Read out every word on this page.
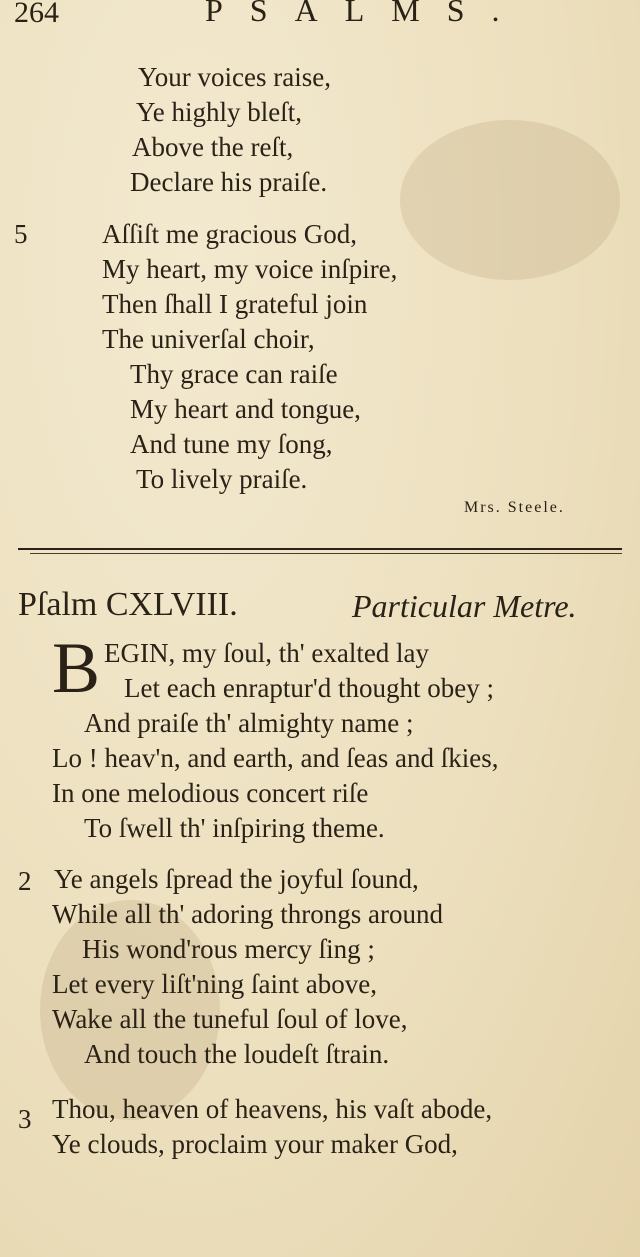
264	PSALMS.
Your voices raise,
Ye highly bleſt,
Above the reſt,
Declare his praiſe.
5	Aſſiſt me gracious God,
My heart, my voice inſpire,
Then ſhall I grateful join
The univerſal choir,
Thy grace can raiſe
My heart and tongue,
And tune my ſong,
To lively praiſe.
Mrs. Steele.
Pſalm CXLVIII.	Particular Metre.
B EGIN, my ſoul, th' exalted lay
Let each enraptur'd thought obey ;
And praiſe th' almighty name ;
Lo ! heav'n, and earth, and ſeas and ſkies,
In one melodious concert riſe
To ſwell th' inſpiring theme.
2 Ye angels ſpread the joyful ſound,
While all th' adoring throngs around
His wond'rous mercy ſing ;
Let every liſt'ning ſaint above,
Wake all the tuneful ſoul of love,
And touch the loudeſt ſtrain.
3 Thou, heaven of heavens, his vaſt abode,
Ye clouds, proclaim your maker God,
